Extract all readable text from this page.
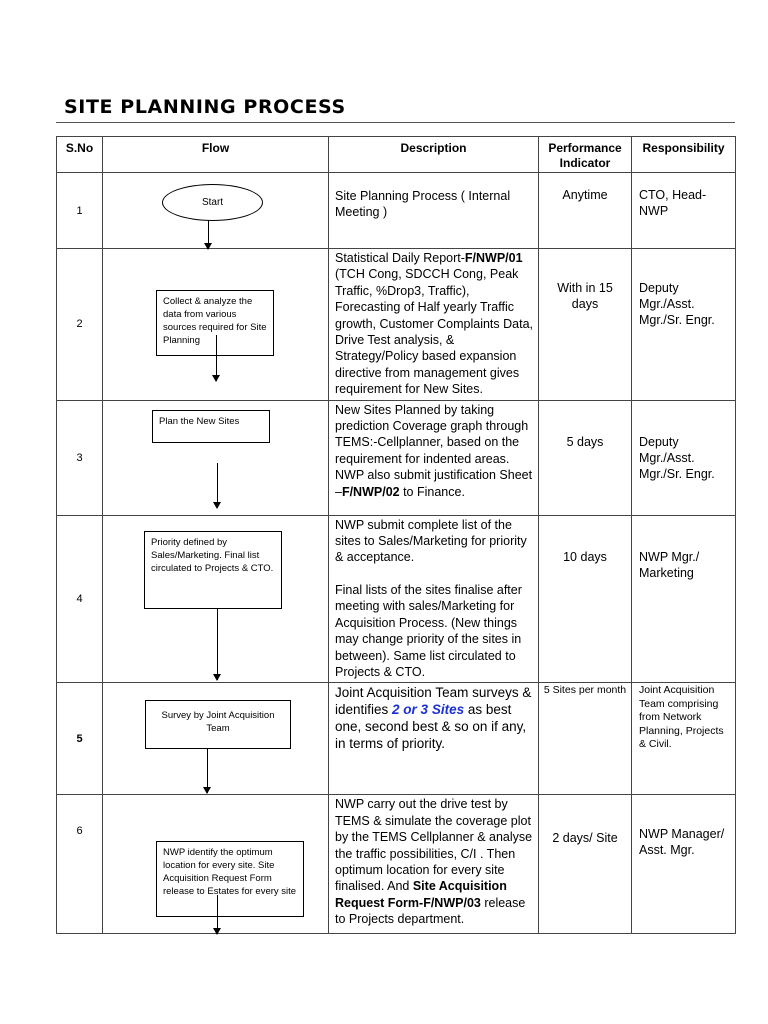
SITE PLANNING PROCESS
S.No	Flow	Description	Performance Indicator	Responsibility
1	Start	Site Planning Process ( Internal Meeting )	Anytime	CTO, Head-NWP
2	Collect & analyze the data from various sources required for Site Planning	Statistical Daily Report-F/NWP/01 (TCH Cong, SDCCH Cong, Peak Traffic, %Drop3, Traffic), Forecasting of Half yearly Traffic growth, Customer Complaints Data, Drive Test analysis, & Strategy/Policy based expansion directive from management gives requirement for New Sites.	With in 15 days	Deputy Mgr./Asst. Mgr./Sr. Engr.
3	Plan the New Sites	New Sites Planned by taking prediction Coverage graph through TEMS:-Cellplanner, based on the requirement for indented areas. NWP also submit justification Sheet –F/NWP/02 to Finance.	5 days	Deputy Mgr./Asst. Mgr./Sr. Engr.
4	Priority defined by Sales/Marketing. Final list circulated to Projects & CTO.	NWP submit complete list of the sites to Sales/Marketing for priority & acceptance.

Final lists of the sites finalise after meeting with sales/Marketing for Acquisition Process. (New things may change priority of the sites in between). Same list circulated to Projects & CTO.	10 days	NWP Mgr./ Marketing
5	Survey by Joint Acquisition Team	Joint Acquisition Team surveys & identifies 2 or 3 Sites as best one, second best & so on if any, in terms of priority.	5 Sites per month	Joint Acquisition Team comprising from Network Planning, Projects & Civil.
6	NWP identify the optimum location for every site. Site Acquisition Request Form release to Estates for every site	NWP carry out the drive test by TEMS & simulate the coverage plot by the TEMS Cellplanner & analyse the traffic possibilities, C/I . Then optimum location for every site finalised. And Site Acquisition Request Form-F/NWP/03 release to Projects department.	2 days/ Site	NWP Manager/ Asst. Mgr.
